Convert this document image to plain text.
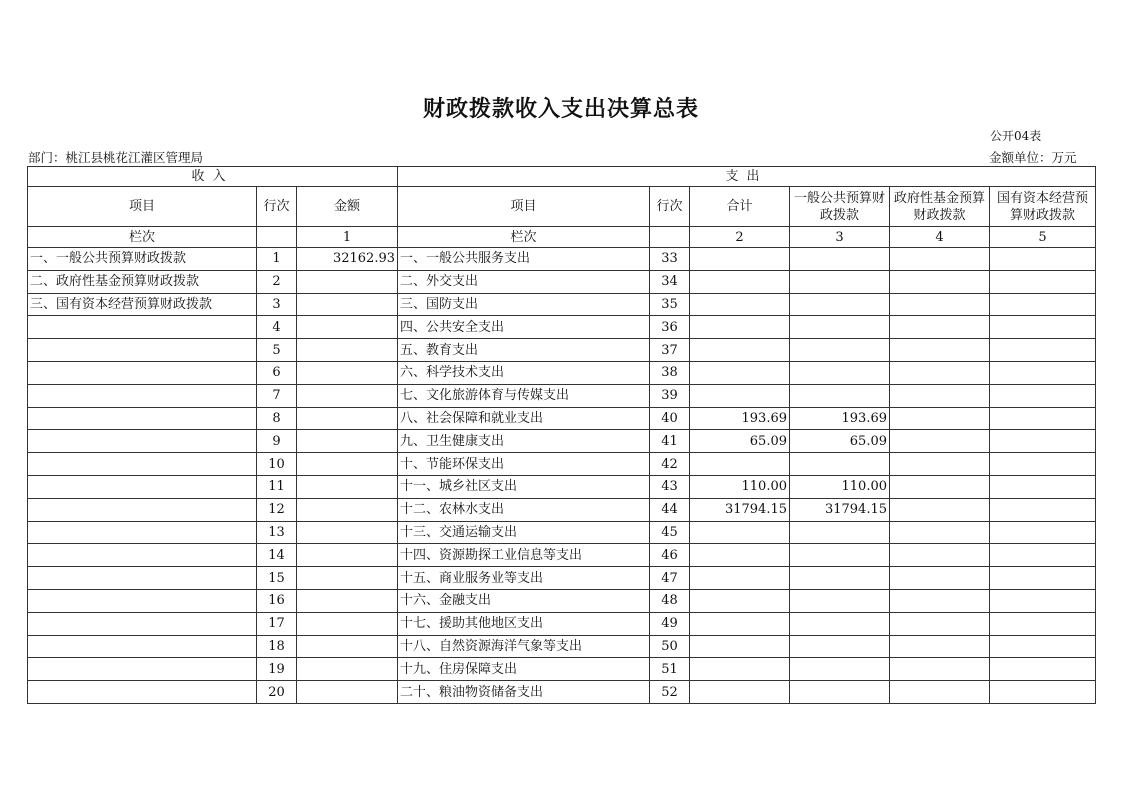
财政拨款收入支出决算总表
公开04表
部门：桃江县桃花江灌区管理局	金额单位：万元
收入			支出					
项目	行次	金额	项目	行次	合计	一般公共预算财政拨款	政府性基金预算财政拨款	国有资本经营预算财政拨款
栏次		1	栏次		2	3	4	5
一、一般公共预算财政拨款	1	32162.93	一、一般公共服务支出	33				
二、政府性基金预算财政拨款	2		二、外交支出	34				
三、国有资本经营预算财政拨款	3		三、国防支出	35				
	4		四、公共安全支出	36				
	5		五、教育支出	37				
	6		六、科学技术支出	38				
	7		七、文化旅游体育与传媒支出	39				
	8		八、社会保障和就业支出	40	193.69	193.69		
	9		九、卫生健康支出	41	65.09	65.09		
	10		十、节能环保支出	42				
	11		十一、城乡社区支出	43	110.00	110.00		
	12		十二、农林水支出	44	31794.15	31794.15		
	13		十三、交通运输支出	45				
	14		十四、资源勘探工业信息等支出	46				
	15		十五、商业服务业等支出	47				
	16		十六、金融支出	48				
	17		十七、援助其他地区支出	49				
	18		十八、自然资源海洋气象等支出	50				
	19		十九、住房保障支出	51				
	20		二十、粮油物资储备支出	52				
